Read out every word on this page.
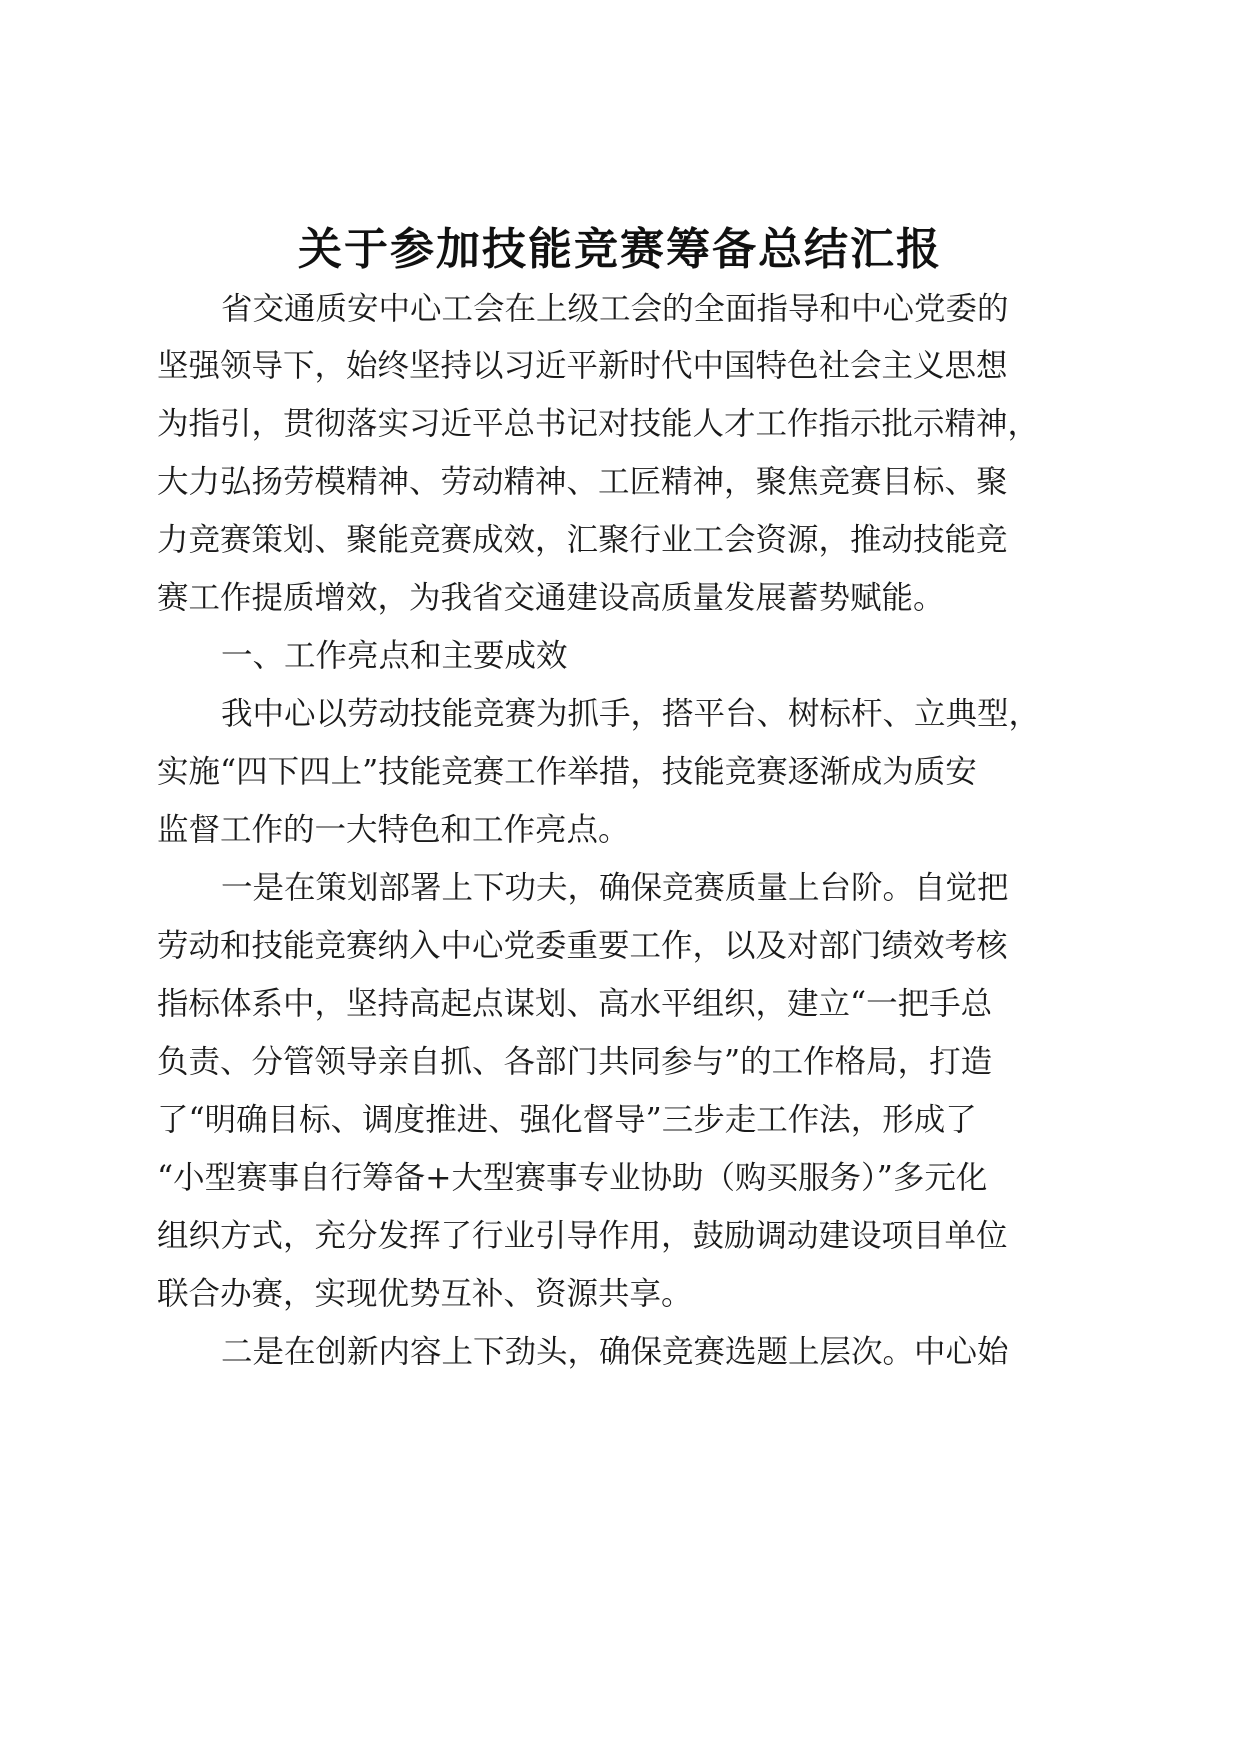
关于参加技能竞赛筹备总结汇报
省交通质安中心工会在上级工会的全面指导和中心党委的
坚强领导下，始终坚持以习近平新时代中国特色社会主义思想
为指引，贯彻落实习近平总书记对技能人才工作指示批示精神，
大力弘扬劳模精神、劳动精神、工匠精神，聚焦竞赛目标、聚
力竞赛策划、聚能竞赛成效，汇聚行业工会资源，推动技能竞
赛工作提质增效，为我省交通建设高质量发展蓄势赋能。
一、工作亮点和主要成效
我中心以劳动技能竞赛为抓手，搭平台、树标杆、立典型，
实施“四下四上”技能竞赛工作举措，技能竞赛逐渐成为质安
监督工作的一大特色和工作亮点。
一是在策划部署上下功夫，确保竞赛质量上台阶。自觉把
劳动和技能竞赛纳入中心党委重要工作，以及对部门绩效考核
指标体系中，坚持高起点谋划、高水平组织，建立“一把手总
负责、分管领导亲自抓、各部门共同参与”的工作格局，打造
了“明确目标、调度推进、强化督导”三步走工作法，形成了
“小型赛事自行筹备+大型赛事专业协助（购买服务）”多元化
组织方式，充分发挥了行业引导作用，鼓励调动建设项目单位
联合办赛，实现优势互补、资源共享。
二是在创新内容上下劲头，确保竞赛选题上层次。中心始
